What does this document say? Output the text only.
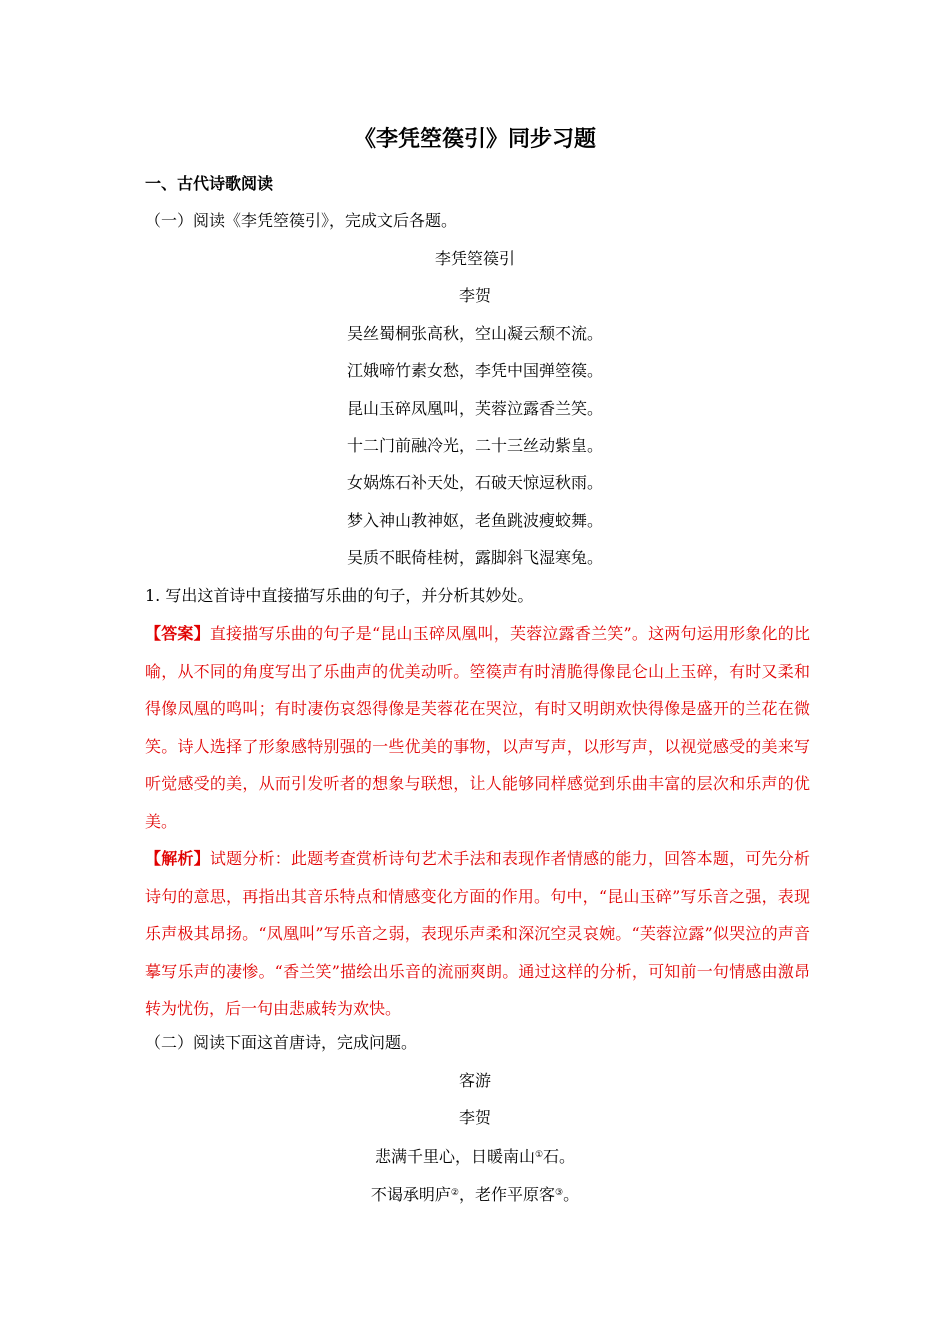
《李凭箜篌引》同步习题
一、古代诗歌阅读
（一）阅读《李凭箜篌引》，完成文后各题。
李凭箜篌引
李贺
吴丝蜀桐张高秋，空山凝云颓不流。
江娥啼竹素女愁，李凭中国弹箜篌。
昆山玉碎凤凰叫，芙蓉泣露香兰笑。
十二门前融冷光，二十三丝动紫皇。
女娲炼石补天处，石破天惊逗秋雨。
梦入神山教神妪，老鱼跳波瘦蛟舞。
吴质不眠倚桂树，露脚斜飞湿寒兔。
1. 写出这首诗中直接描写乐曲的句子，并分析其妙处。
【答案】直接描写乐曲的句子是“昆山玉碎凤凰叫，芙蓉泣露香兰笑”。这两句运用形象化的比喻，从不同的角度写出了乐曲声的优美动听。箜篌声有时清脆得像昆仑山上玉碎，有时又柔和得像凤凰的鸣叫；有时凄伤哀怨得像是芙蓉花在哭泣，有时又明朗欢快得像是盛开的兰花在微笑。诗人选择了形象感特别强的一些优美的事物，以声写声，以形写声，以视觉感受的美来写听觉感受的美，从而引发听者的想象与联想，让人能够同样感觉到乐曲丰富的层次和乐声的优美。
【解析】试题分析：此题考查赏析诗句艺术手法和表现作者情感的能力，回答本题，可先分析诗句的意思，再指出其音乐特点和情感变化方面的作用。句中，“昆山玉碎”写乐音之强，表现乐声极其昂扬。“凤凰叫”写乐音之弱，表现乐声柔和深沉空灵哀婉。“芙蓉泣露”似哭泣的声音摹写乐声的凄惨。“香兰笑”描绘出乐音的流丽爽朗。通过这样的分析，可知前一句情感由激昂转为忧伤，后一句由悲戚转为欢快。
（二）阅读下面这首唐诗，完成问题。
客游
李贺
悲满千里心，日暖南山①石。
不谒承明庐②，老作平原客③。
